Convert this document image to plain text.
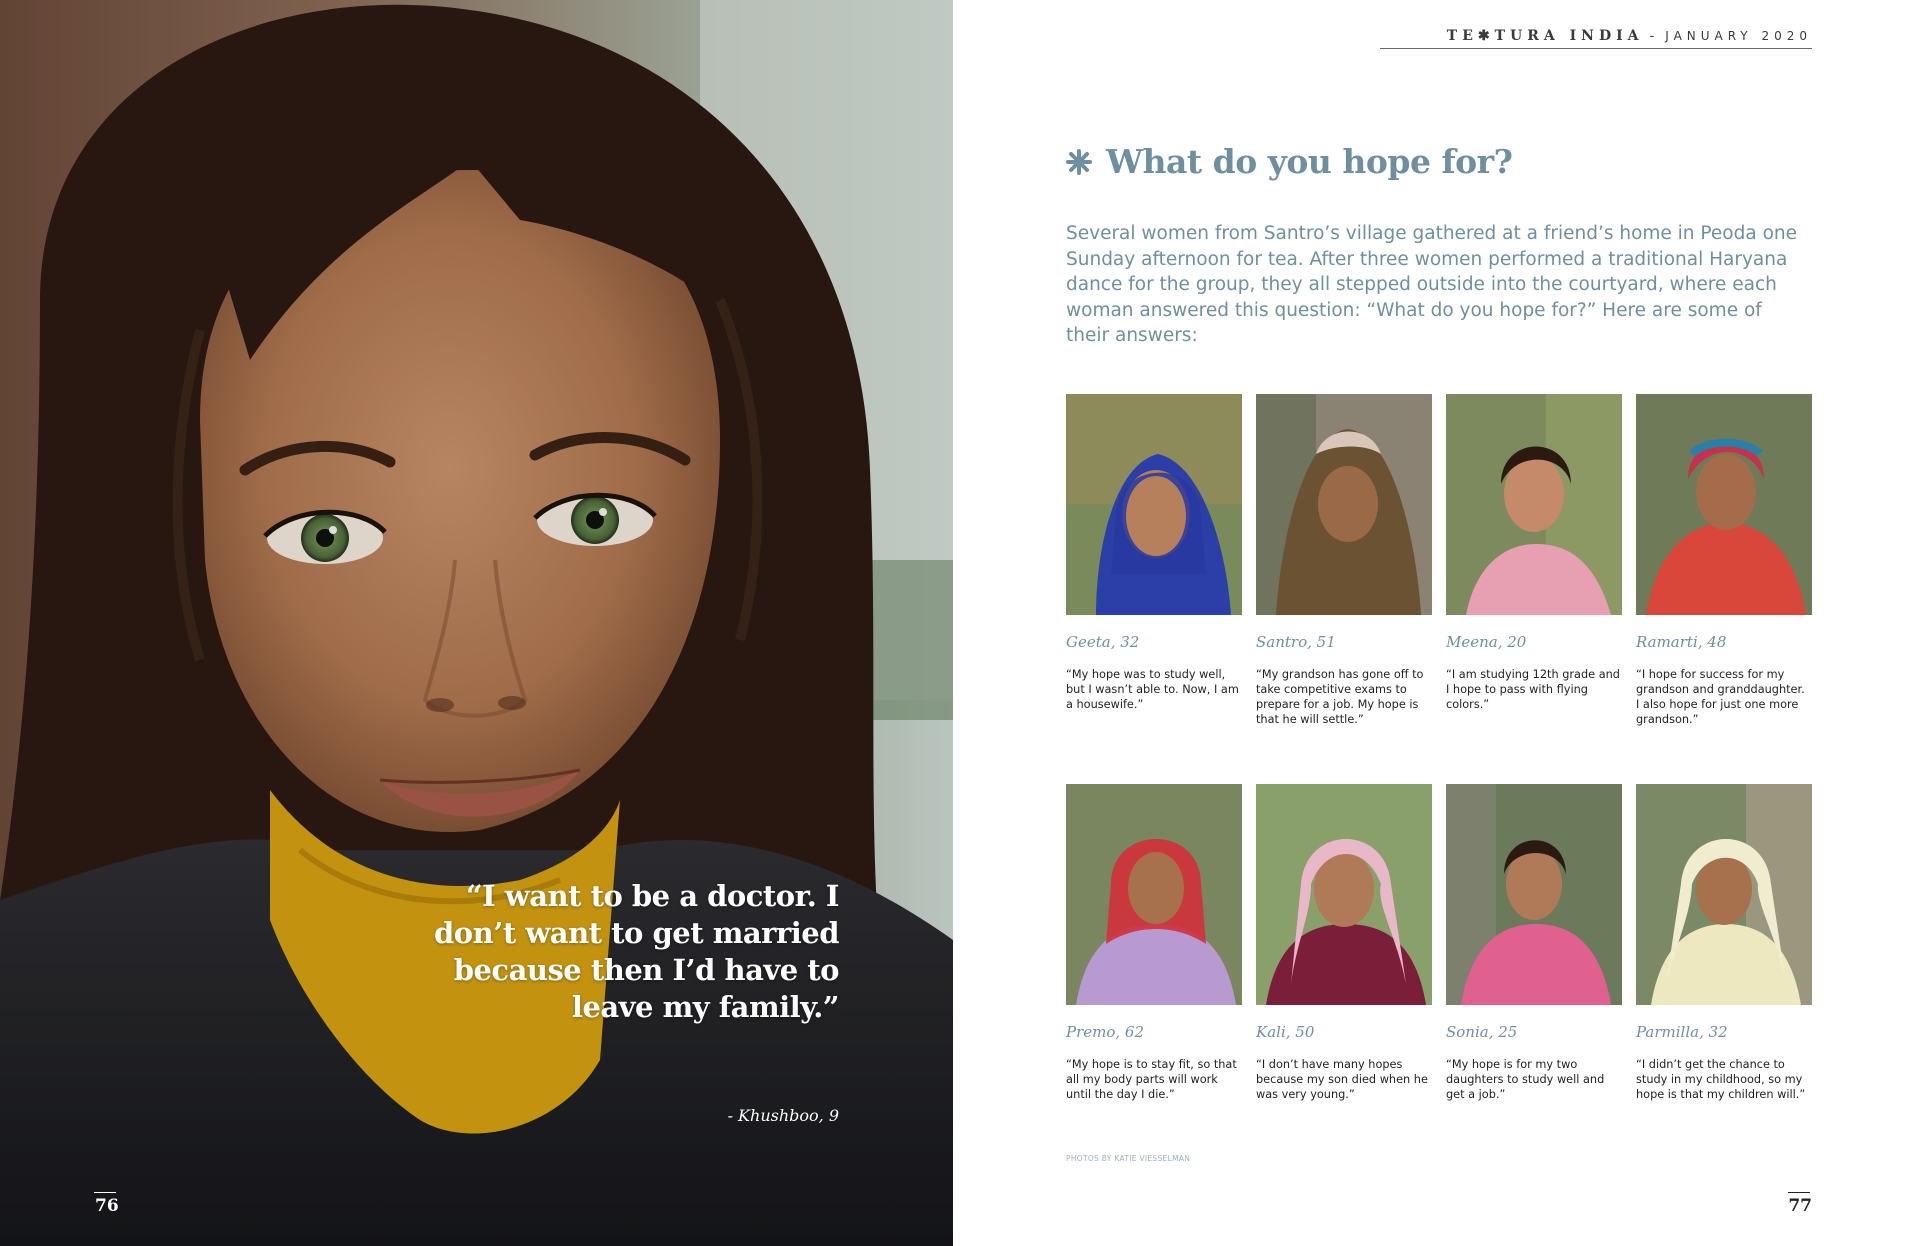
“I want to be a doctor. I don’t want to get married because then I’d have to leave my family.”
- Khushboo, 9
76
TE✱TURA INDIA - JANUARY 2020
What do you hope for?
Several women from Santro’s village gathered at a friend’s home in Peoda one Sunday afternoon for tea. After three women performed a traditional Haryana dance for the group, they all stepped outside into the courtyard, where each woman answered this question: “What do you hope for?” Here are some of their answers:
Geeta, 32
“My hope was to study well, but I wasn’t able to. Now, I am a housewife.”
Santro, 51
“My grandson has gone off to take competitive exams to prepare for a job. My hope is that he will settle.”
Meena, 20
“I am studying 12th grade and I hope to pass with flying colors.”
Ramarti, 48
“I hope for success for my grandson and granddaughter. I also hope for just one more grandson.”
Premo, 62
“My hope is to stay fit, so that all my body parts will work until the day I die.”
Kali, 50
“I don’t have many hopes because my son died when he was very young.”
Sonia, 25
“My hope is for my two daughters to study well and get a job.”
Parmilla, 32
“I didn’t get the chance to study in my childhood, so my hope is that my children will.”
PHOTOS BY KATIE VIESSELMAN
77
